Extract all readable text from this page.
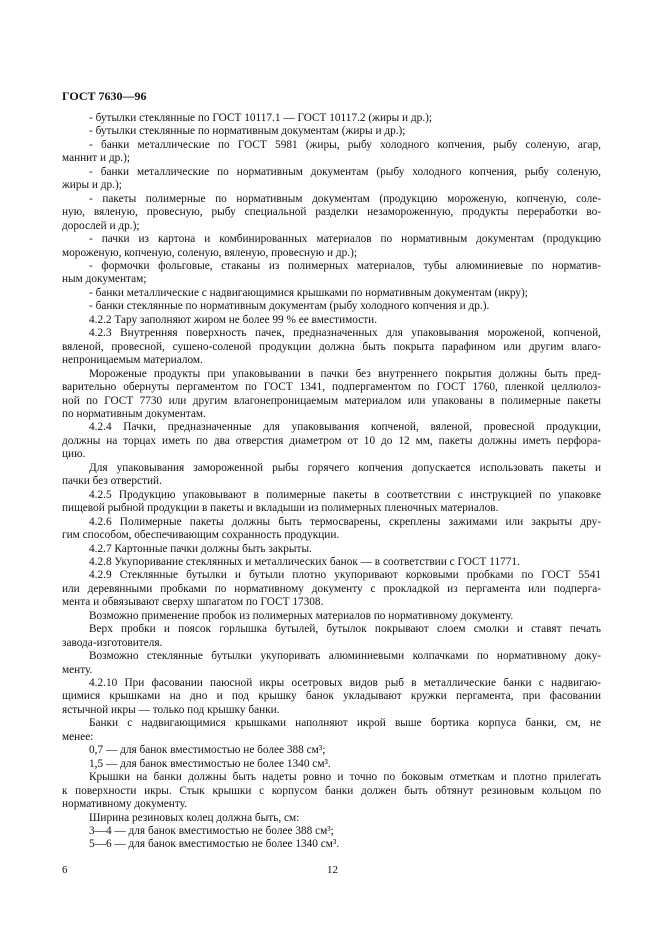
ГОСТ 7630—96
- бутылки стеклянные по ГОСТ 10117.1 — ГОСТ 10117.2 (жиры и др.);
- бутылки стеклянные по нормативным документам (жиры и др.);
- банки металлические по ГОСТ 5981 (жиры, рыбу холодного копчения, рыбу соленую, агар,
маннит и др.);
- банки металлические по нормативным документам (рыбу холодного копчения, рыбу соленую,
жиры и др.);
- пакеты полимерные по нормативным документам (продукцию мороженую, копченую, соле-
ную, вяленую, провесную, рыбу специальной разделки незамороженную, продукты переработки во-
дорослей и др.);
- пачки из картона и комбинированных материалов по нормативным документам (продукцию
мороженую, копченую, соленую, вяленую, провесную и др.);
- формочки фольговые, стаканы из полимерных материалов, тубы алюминиевые по норматив-
ным документам;
- банки металлические с надвигающимися крышками по нормативным документам (икру);
- банки стеклянные по нормативным документам (рыбу холодного копчения и др.).
4.2.2 Тару заполняют жиром не более 99 % ее вместимости.
4.2.3 Внутренняя поверхность пачек, предназначенных для упаковывания мороженой, копченой,
вяленой, провесной, сушено-соленой продукции должна быть покрыта парафином или другим влаго-
непроницаемым материалом.
Мороженые продукты при упаковывании в пачки без внутреннего покрытия должны быть пред-
варительно обернуты пергаментом по ГОСТ 1341, подпергаментом по ГОСТ 1760, пленкой целлюлоз-
ной по ГОСТ 7730 или другим влагонепроницаемым материалом или упакованы в полимерные пакеты
по нормативным документам.
4.2.4 Пачки, предназначенные для упаковывания копченой, вяленой, провесной продукции,
должны на торцах иметь по два отверстия диаметром от 10 до 12 мм, пакеты должны иметь перфора-
цию.
Для упаковывания замороженной рыбы горячего копчения допускается использовать пакеты и
пачки без отверстий.
4.2.5 Продукцию упаковывают в полимерные пакеты в соответствии с инструкцией по упаковке
пищевой рыбной продукции в пакеты и вкладыши из полимерных пленочных материалов.
4.2.6 Полимерные пакеты должны быть термосварены, скреплены зажимами или закрыты дру-
гим способом, обеспечивающим сохранность продукции.
4.2.7 Картонные пачки должны быть закрыты.
4.2.8 Укупоривание стеклянных и металлических банок — в соответствии с ГОСТ 11771.
4.2.9 Стеклянные бутылки и бутыли плотно укупоривают корковыми пробками по ГОСТ 5541
или деревянными пробками по нормативному документу с прокладкой из пергамента или подперга-
мента и обвязывают сверху шпагатом по ГОСТ 17308.
Возможно применение пробок из полимерных материалов по нормативному документу.
Верх пробки и поясок горлышка бутылей, бутылок покрывают слоем смолки и ставят печать
завода-изготовителя.
Возможно стеклянные бутылки укупоривать алюминиевыми колпачками по нормативному доку-
менту.
4.2.10 При фасовании паюсной икры осетровых видов рыб в металлические банки с надвигаю-
щимися крышками на дно и под крышку банок укладывают кружки пергамента, при фасовании
ястычной икры — только под крышку банки.
Банки с надвигающимися крышками наполняют икрой выше бортика корпуса банки, см, не
менее:
0,7 — для банок вместимостью не более 388 см³;
1,5 — для банок вместимостью не более 1340 см³.
Крышки на банки должны быть надеты ровно и точно по боковым отметкам и плотно прилегать
к поверхности икры. Стык крышки с корпусом банки должен быть обтянут резиновым кольцом по
нормативному документу.
Ширина резиновых колец должна быть, см:
3—4 — для банок вместимостью не более 388 см³;
5—6 — для банок вместимостью не более 1340 см³.
6	12
